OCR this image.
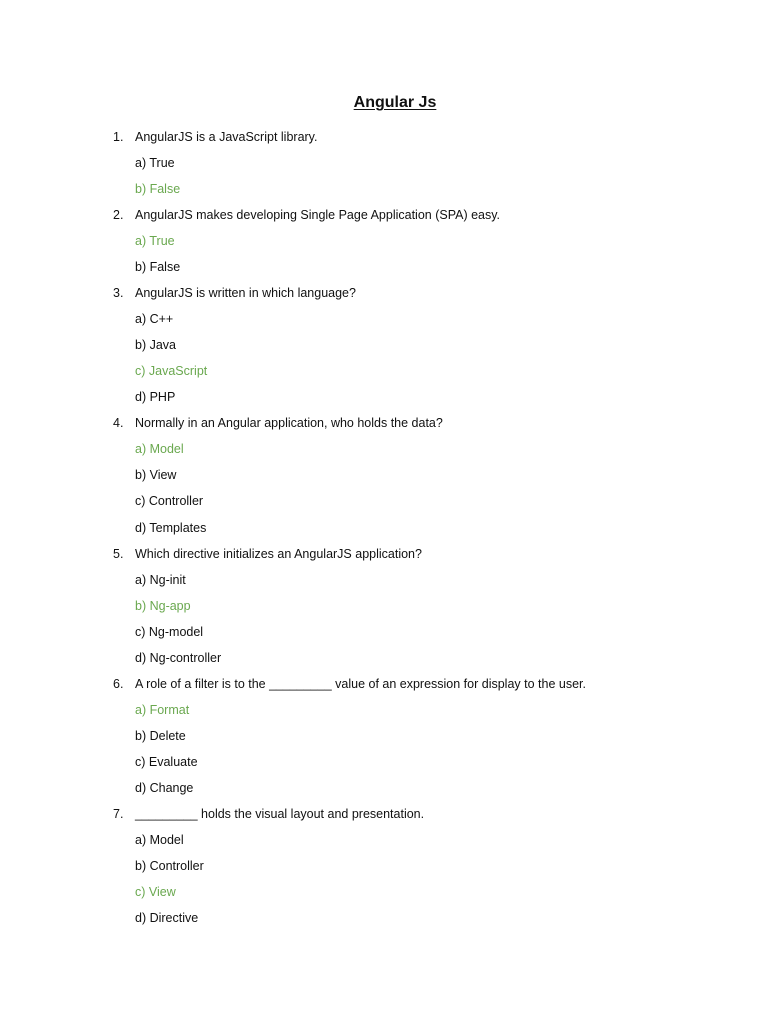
Angular Js
1. AngularJS is a JavaScript library.
a) True
b) False
2. AngularJS makes developing Single Page Application (SPA) easy.
a) True
b) False
3. AngularJS is written in which language?
a) C++
b) Java
c) JavaScript
d) PHP
4. Normally in an Angular application, who holds the data?
a) Model
b) View
c) Controller
d) Templates
5. Which directive initializes an AngularJS application?
a) Ng-init
b) Ng-app
c) Ng-model
d) Ng-controller
6. A role of a filter is to the _________ value of an expression for display to the user.
a) Format
b) Delete
c) Evaluate
d) Change
7. _________ holds the visual layout and presentation.
a) Model
b) Controller
c) View
d) Directive
